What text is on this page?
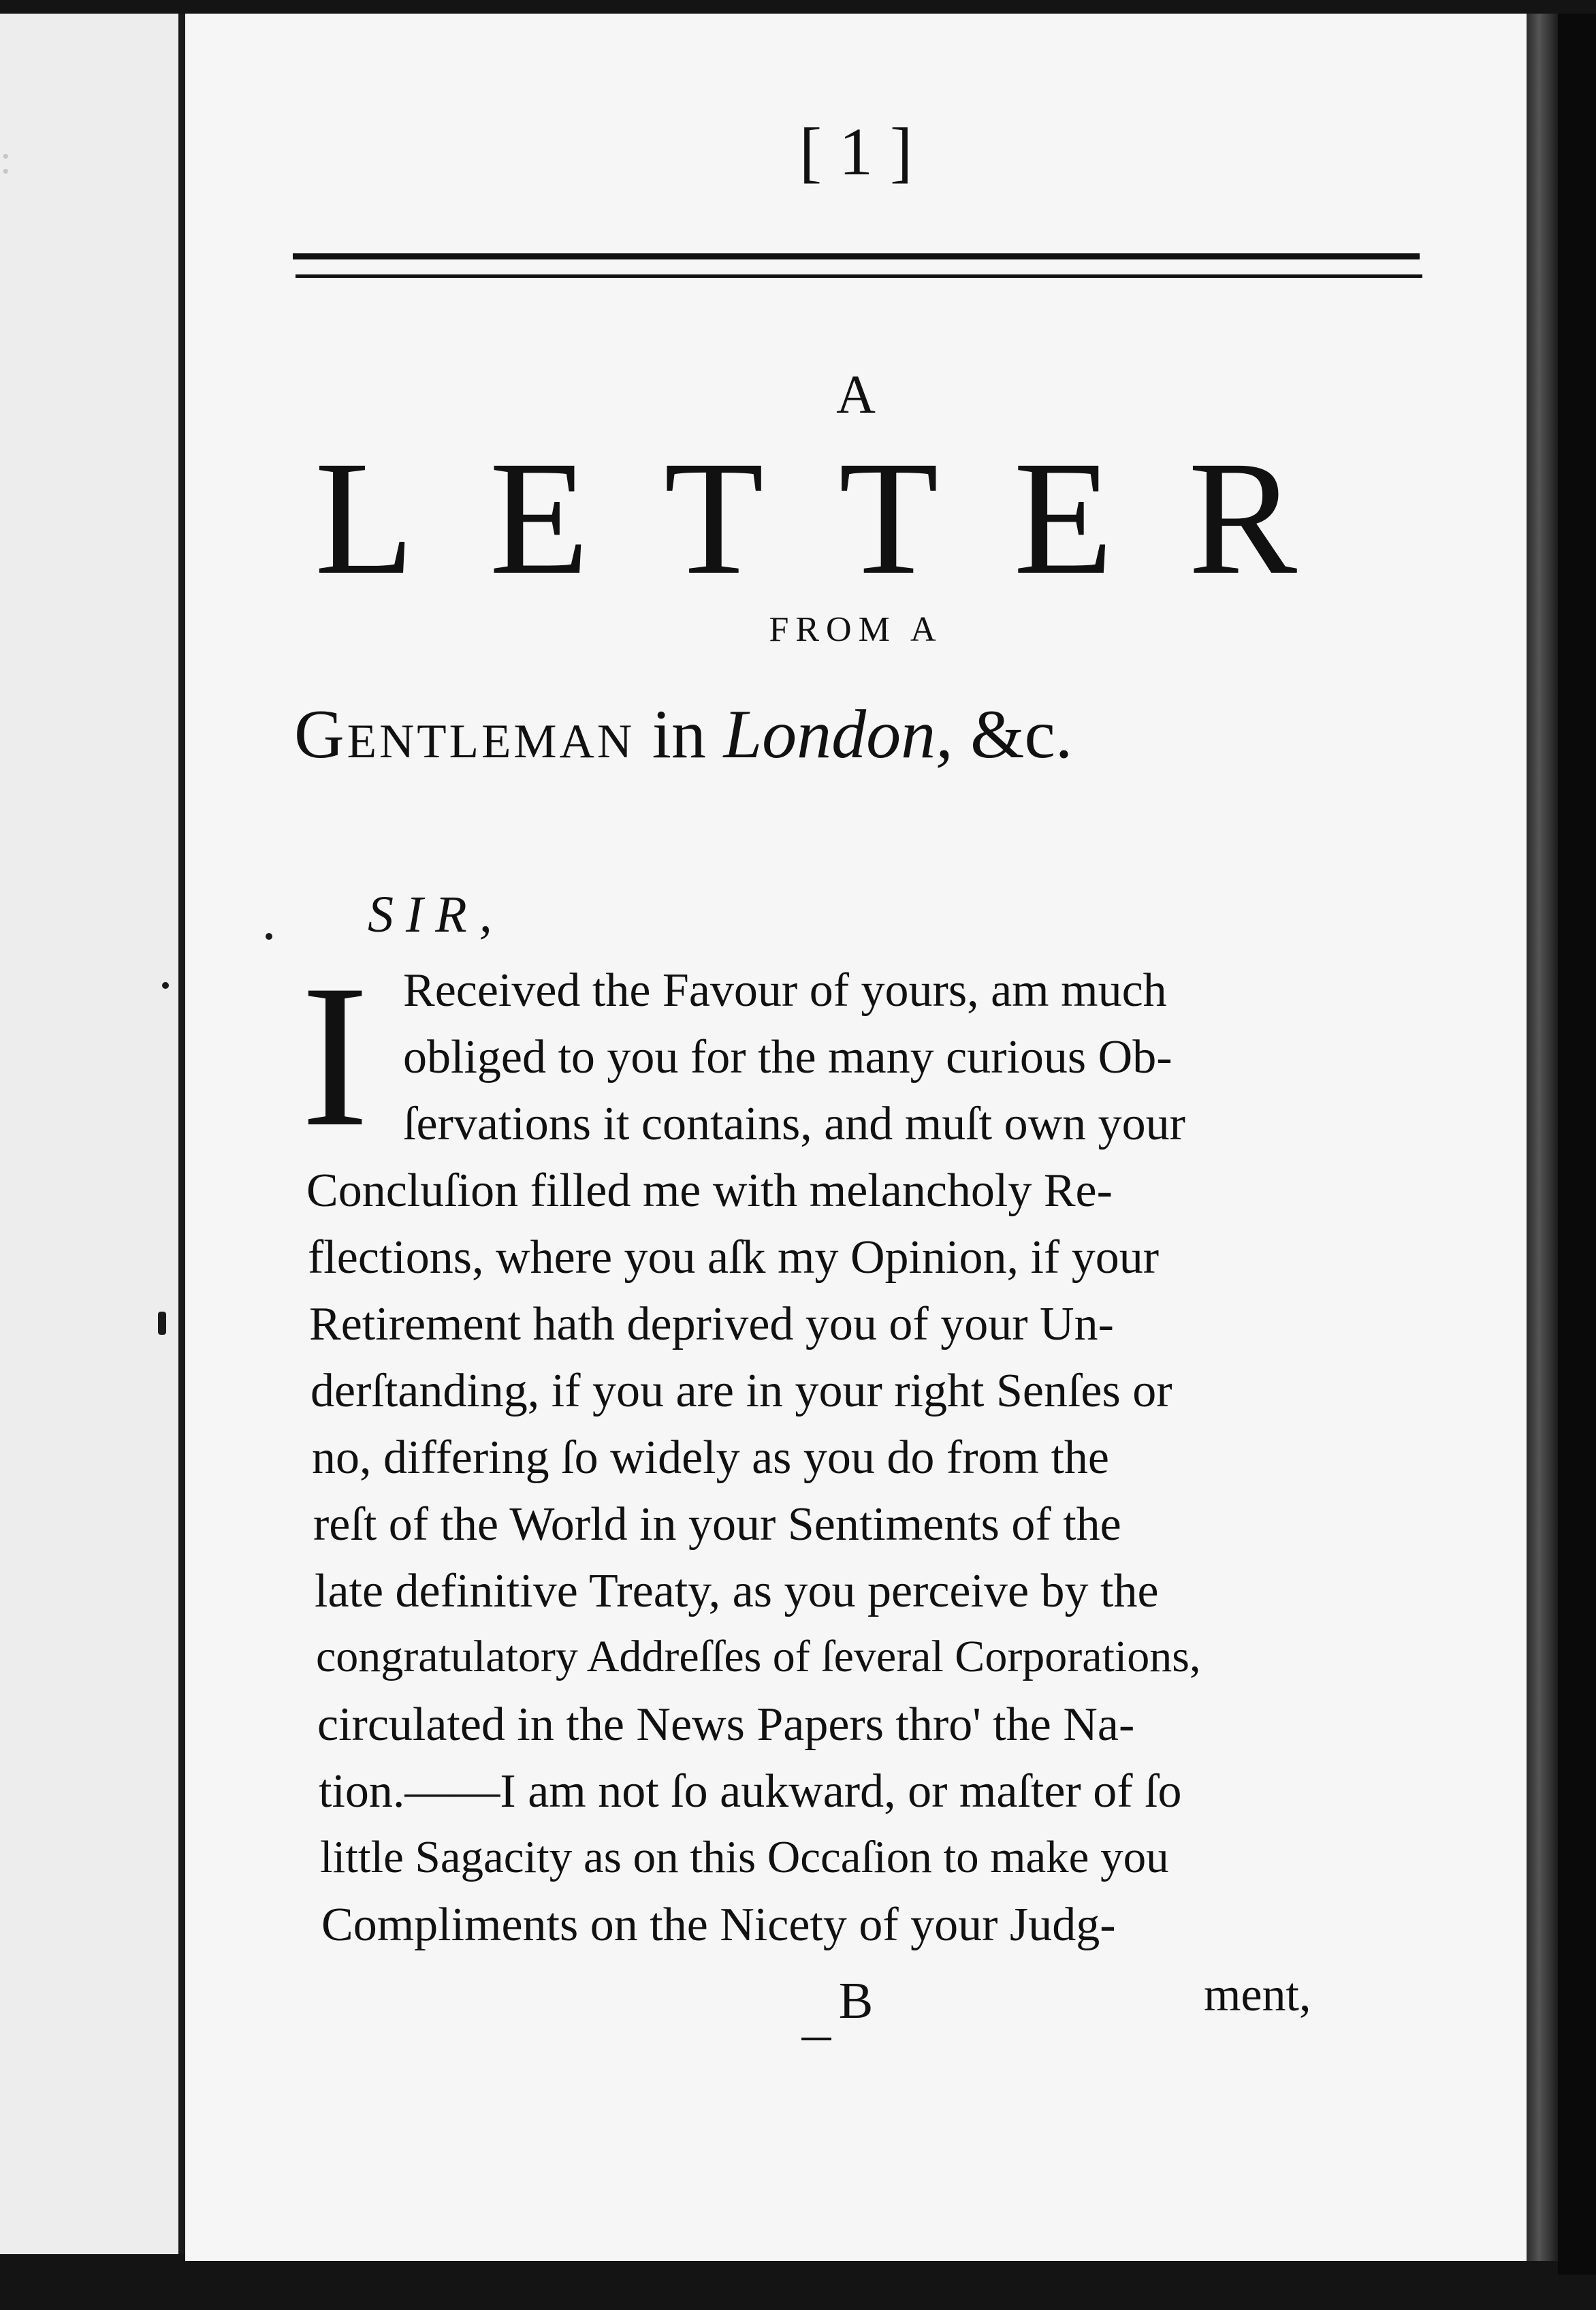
:
	[ 1 ]
A
LETTER
FROM A
Gentleman in London, &c.
SIR,
I Received the Favour of yours, am much
obliged to you for the many curious Ob-
ſervations it contains, and muſt own your
Concluſion filled me with melancholy Re-
flections, where you aſk my Opinion, if your
Retirement hath deprived you of your Un-
derſtanding, if you are in your right Senſes or
no, differing ſo widely as you do from the
reſt of the World in your Sentiments of the
late definitive Treaty, as you perceive by the
congratulatory Addreſſes of ſeveral Corporations,
circulated in the News Papers thro' the Na-
tion.——I am not ſo aukward, or maſter of ſo
little Sagacity as on this Occaſion to make you
Compliments on the Nicety of your Judg-
B	ment,
